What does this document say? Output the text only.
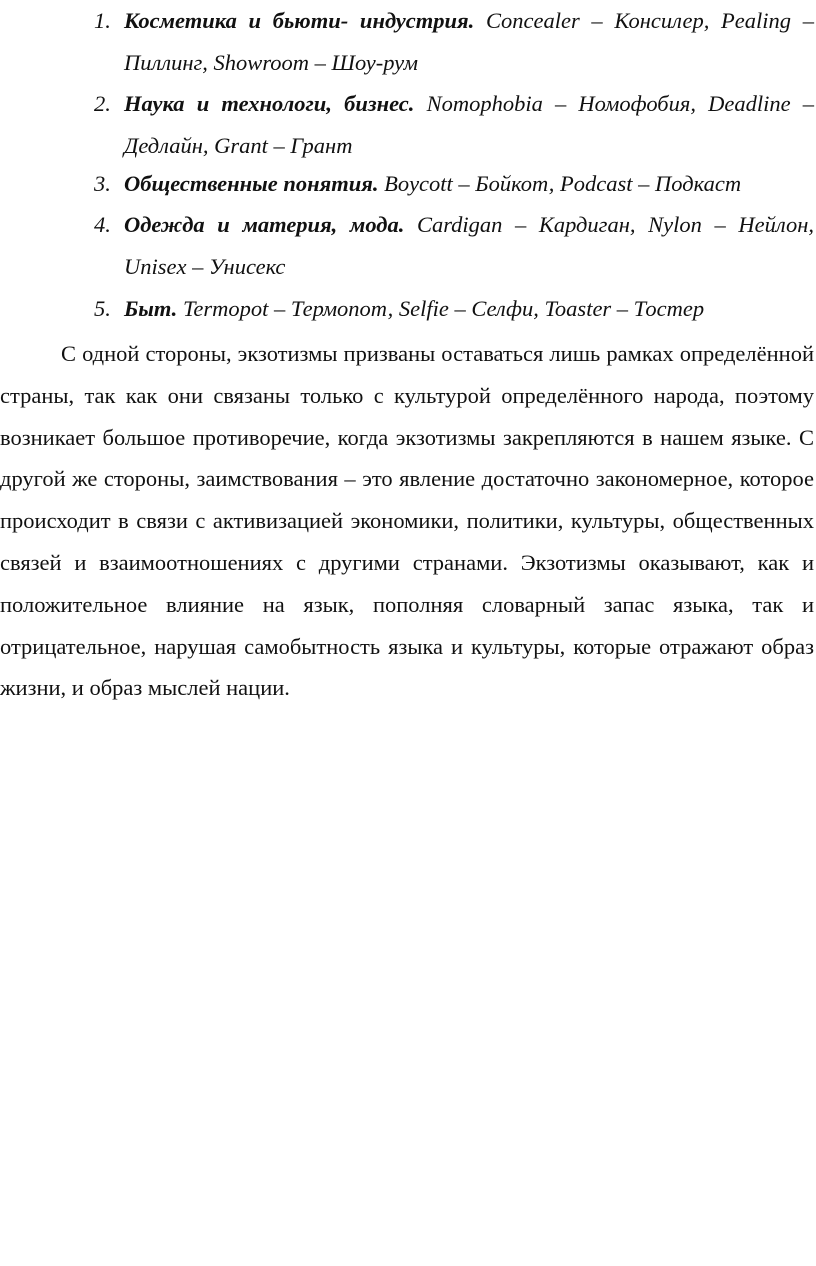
1. Косметика и бьюти- индустрия. Concealer – Консилер, Pealing – Пиллинг, Showroom – Шоу-рум
2. Наука и технологи, бизнес. Nomophobia – Номофобия, Deadline – Дедлайн, Grant – Грант
3. Общественные понятия. Boycott – Бойкот, Podcast – Подкаст
4. Одежда и материя, мода. Cardigan – Кардиган, Nylon – Нейлон, Unisex – Унисекс
5. Быт. Termopot – Термопот, Selfie – Селфи, Toaster – Тостер

С одной стороны, экзотизмы призваны оставаться лишь рамках определённой страны, так как они связаны только с культурой определённого народа, поэтому возникает большое противоречие, когда экзотизмы закрепляются в нашем языке. С другой же стороны, заимствования – это явление достаточно закономерное, которое происходит в связи с активизацией экономики, политики, культуры, общественных связей и взаимоотношениях с другими странами. Экзотизмы оказывают, как и положительное влияние на язык, пополняя словарный запас языка, так и отрицательное, нарушая самобытность языка и культуры, которые отражают образ жизни, и образ мыслей нации.
